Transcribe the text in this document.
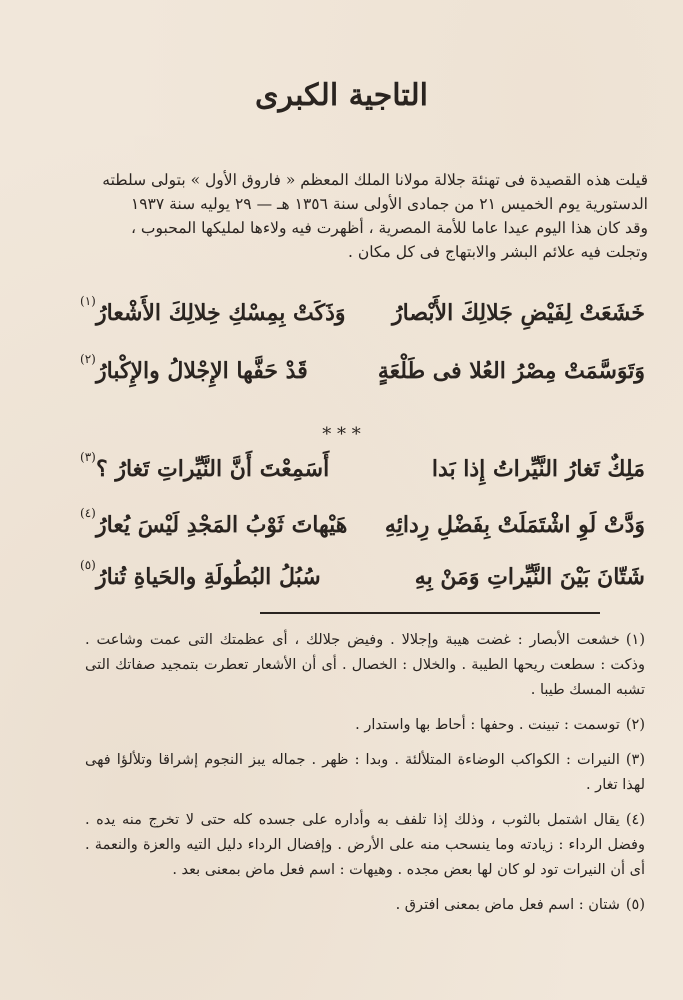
التاجية الكبرى

قيلت هذه القصيدة فى تهنئة جلالة مولانا الملك المعظم « فاروق الأول » بتولى سلطته

الدستورية يوم الخميس ٢١ من جمادى الأولى سنة ١٣٥٦ هـ — ٢٩ يوليه سنة ١٩٣٧

وقد كان هذا اليوم عيدا عاما للأمة المصرية ، أظهرت فيه ولاءها لمليكها المحبوب ،

وتجلت فيه علائم البشر والابتهاج فى كل مكان .

خَشَعَتْ لِفَيْضِ جَلالِكَ الأَبْصارُ
وَذَكَتْ بِمِسْكِ خِلالِكَ الأَشْعارُ
(١)
وَتَوَسَّمَتْ مِصْرُ العُلا فى طَلْعَةٍ
قَدْ حَفَّها الإِجْلالُ والإِكْبارُ
(٢)
* * *
مَلِكٌ تَغارُ النَّيِّراتُ إِذا بَدا
أَسَمِعْتَ أَنَّ النَّيِّراتِ تَغارُ ؟
(٣)
وَدَّتْ لَوِ اشْتَمَلَتْ بِفَضْلِ رِدائِهِ
هَيْهاتَ ثَوْبُ المَجْدِ لَيْسَ يُعارُ
(٤)
شَتّانَ بَيْنَ النَّيِّراتِ وَمَنْ بِهِ
سُبُلُ البُطُولَةِ والحَياةِ تُنارُ
(٥)

(١)خشعت الأبصار : غضت هيبة وإجلالا . وفيض جلالك ، أى عظمتك التى عمت وشاعت . وذكت : سطعت ريحها الطيبة . والخلال : الخصال . أى أن الأشعار تعطرت بتمجيد صفاتك التى تشبه المسك طيبا .

(٢)توسمت : تبينت . وحفها : أحاط بها واستدار .

(٣)النيرات : الكواكب الوضاءة المتلألئة . وبدا : ظهر . جماله يبز النجوم إشراقا وتلألؤا فهى لهذا تغار .

(٤)يقال اشتمل بالثوب ، وذلك إذا تلفف به وأداره على جسده كله حتى لا تخرج منه يده . وفضل الرداء : زيادته وما ينسحب منه على الأرض . وإفضال الرداء دليل التيه والعزة والنعمة . أى أن النيرات تود لو كان لها بعض مجده . وهيهات : اسم فعل ماض بمعنى بعد .

(٥)شتان : اسم فعل ماض بمعنى افترق .
